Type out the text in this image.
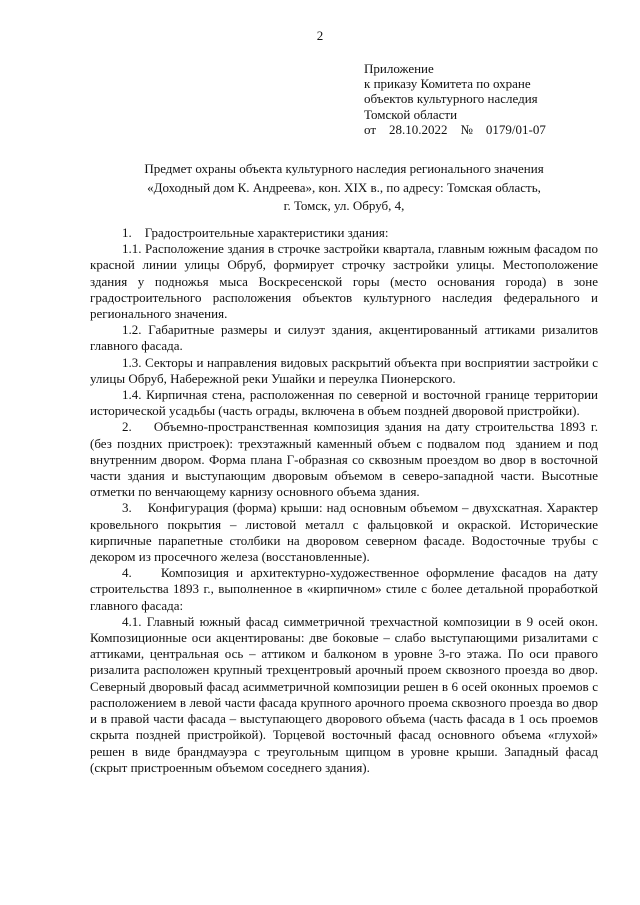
2
Приложение
к приказу Комитета по охране
объектов культурного наследия
Томской области
от    28.10.2022    №    0179/01-07
Предмет охраны объекта культурного наследия регионального значения
«Доходный дом К. Андреева», кон. XIX в., по адресу: Томская область,
г. Томск, ул. Обруб, 4,

1.    Градостроительные характеристики здания:

1.1. Расположение здания в строчке застройки квартала, главным южным фасадом по красной линии улицы Обруб, формирует строчку застройки улицы. Местоположение здания у подножья мыса Воскресенской горы (место основания города) в зоне градостроительного расположения объектов культурного наследия федерального и регионального значения.

1.2. Габаритные размеры и силуэт здания, акцентированный аттиками ризалитов главного фасада.

1.3. Секторы и направления видовых раскрытий объекта при восприятии застройки с улицы Обруб, Набережной реки Ушайки и переулка Пионерского.

1.4. Кирпичная стена, расположенная по северной и восточной границе территории исторической усадьбы (часть ограды, включена в объем поздней дворовой пристройки).

2.    Объемно-пространственная композиция здания на дату строительства 1893 г. (без поздних пристроек): трехэтажный каменный объем с подвалом под  зданием и под внутренним двором. Форма плана Г-образная со сквозным проездом во двор в восточной части здания и выступающим дворовым объемом в северо-западной части. Высотные отметки по венчающему карнизу основного объема здания.

3.    Конфигурация (форма) крыши: над основным объемом – двухскатная. Характер кровельного покрытия – листовой металл с фальцовкой и окраской. Исторические кирпичные парапетные столбики на дворовом северном фасаде. Водосточные трубы с декором из просечного железа (восстановленные).

4.    Композиция и архитектурно-художественное оформление фасадов на дату строительства 1893 г., выполненное в «кирпичном» стиле с более детальной проработкой главного фасада:

4.1. Главный южный фасад симметричной трехчастной композиции в 9 осей окон. Композиционные оси акцентированы: две боковые – слабо выступающими ризалитами с аттиками, центральная ось – аттиком и балконом в уровне 3-го этажа. По оси правого ризалита расположен крупный трехцентровый арочный проем сквозного проезда во двор. Северный дворовый фасад асимметричной композиции решен в 6 осей оконных проемов с расположением в левой части фасада крупного арочного проема сквозного проезда во двор и в правой части фасада – выступающего дворового объема (часть фасада в 1 ось проемов скрыта поздней пристройкой). Торцевой восточный фасад основного объема «глухой» решен в виде брандмауэра с треугольным щипцом в уровне крыши. Западный фасад (скрыт пристроенным объемом соседнего здания).
